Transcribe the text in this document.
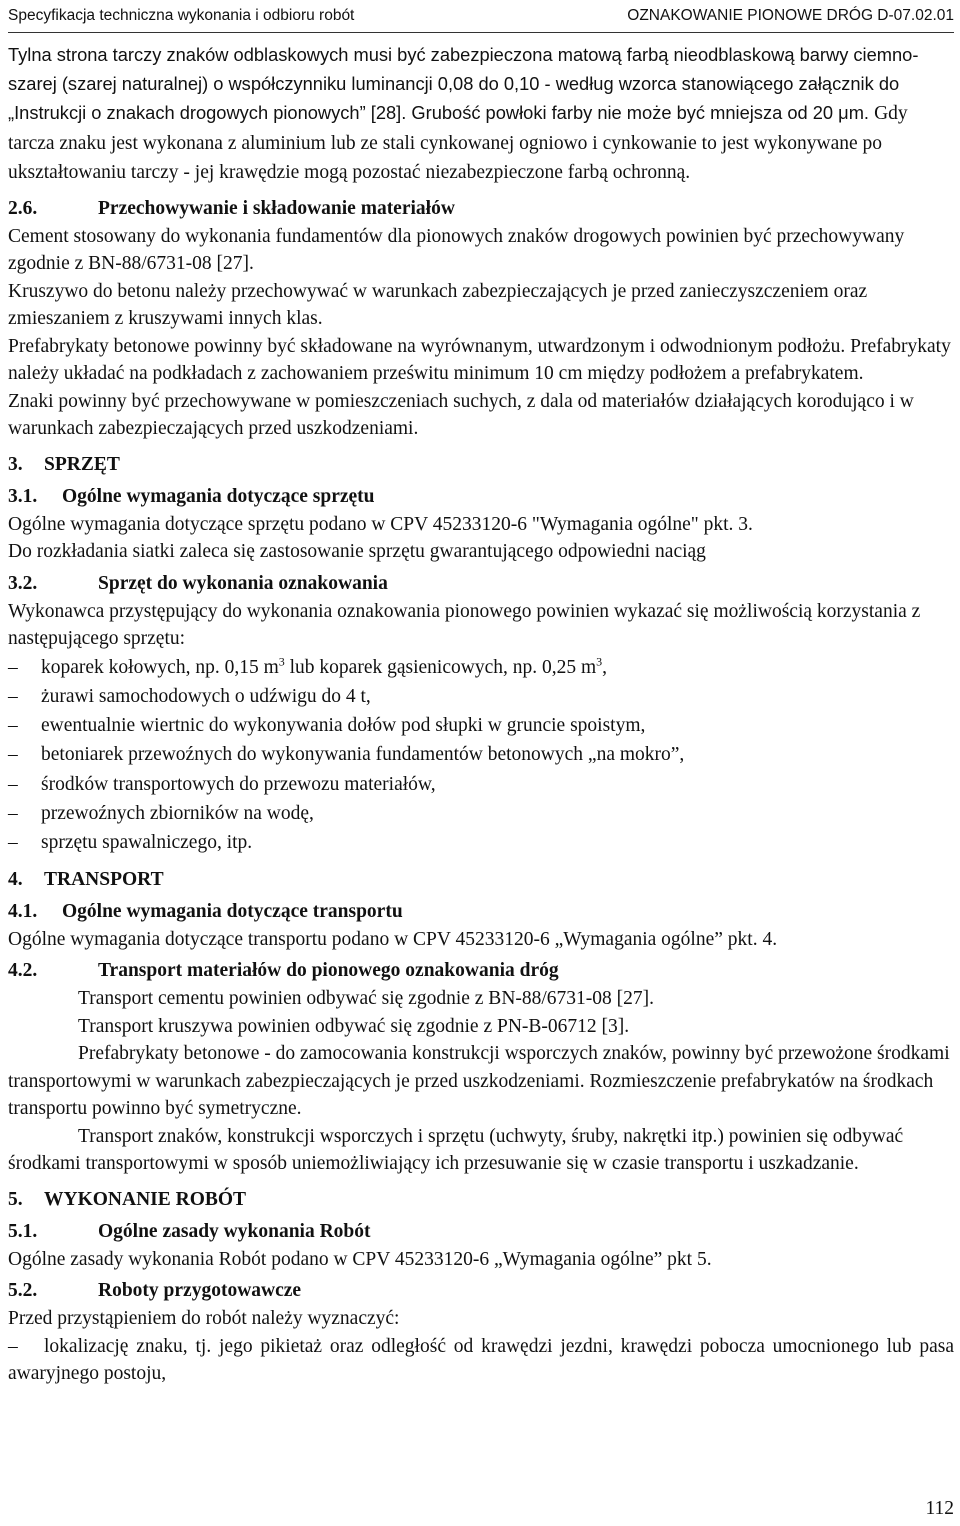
Specyfikacja techniczna wykonania i odbioru robót	OZNAKOWANIE PIONOWE DRÓG D-07.02.01

Tylna strona tarczy znaków odblaskowych musi być zabezpieczona matową farbą nieodblaskową barwy ciemno-szarej (szarej naturalnej) o współczynniku luminancji 0,08 do 0,10 - według wzorca stanowiącego załącznik do „Instrukcji o znakach drogowych pionowych” [28]. Grubość powłoki farby nie może być mniejsza od 20 μm. Gdy tarcza znaku jest wykonana z aluminium lub ze stali cynkowanej ogniowo i cynkowanie to jest wykonywane po ukształtowaniu tarczy - jej krawędzie mogą pozostać niezabezpieczone farbą ochronną.

2.6.	Przechowywanie i składowanie materiałów

Cement stosowany do wykonania fundamentów dla pionowych znaków drogowych powinien być przechowywany zgodnie z BN-88/6731-08 [27].

Kruszywo do betonu należy przechowywać w warunkach zabezpieczających je przed zanieczyszczeniem oraz zmieszaniem z kruszywami innych klas.

Prefabrykaty betonowe powinny być składowane na wyrównanym, utwardzonym i odwodnionym podłożu. Prefabrykaty należy układać na podkładach z zachowaniem prześwitu minimum 10 cm między podłożem a prefabrykatem.

Znaki powinny być przechowywane w pomieszczeniach suchych, z dala od materiałów działających korodująco i w warunkach zabezpieczających przed uszkodzeniami.

3. SPRZĘT

3.1. Ogólne wymagania dotyczące sprzętu

Ogólne wymagania dotyczące sprzętu podano w CPV 45233120-6 "Wymagania ogólne" pkt. 3.

Do rozkładania siatki zaleca się zastosowanie sprzętu gwarantującego odpowiedni naciąg

3.2.	Sprzęt do wykonania oznakowania

Wykonawca przystępujący do wykonania oznakowania pionowego powinien wykazać się możliwością korzystania z następującego sprzętu:

– koparek kołowych, np. 0,15 $m^3$ lub koparek gąsienicowych, np. 0,25 $m^3$,
– żurawi samochodowych o udźwigu do 4 t,
– ewentualnie wiertnic do wykonywania dołów pod słupki w gruncie spoistym,
– betoniarek przewoźnych do wykonywania fundamentów betonowych „na mokro”,
– środków transportowych do przewozu materiałów,
– przewoźnych zbiorników na wodę,
– sprzętu spawalniczego, itp.

4. TRANSPORT

4.1. Ogólne wymagania dotyczące transportu

Ogólne wymagania dotyczące transportu podano w CPV 45233120-6 „Wymagania ogólne” pkt. 4.

4.2.	Transport materiałów do pionowego oznakowania dróg

Transport cementu powinien odbywać się zgodnie z BN-88/6731-08 [27].

Transport kruszywa powinien odbywać się zgodnie z PN-B-06712 [3].

Prefabrykaty betonowe - do zamocowania konstrukcji wsporczych znaków, powinny być przewożone środkami transportowymi w warunkach zabezpieczających je przed uszkodzeniami. Rozmieszczenie prefabrykatów na środkach transportu powinno być symetryczne.

Transport znaków, konstrukcji wsporczych i sprzętu (uchwyty, śruby, nakrętki itp.) powinien się odbywać środkami transportowymi w sposób uniemożliwiający ich przesuwanie się w czasie transportu i uszkadzanie.

5. WYKONANIE ROBÓT

5.1.	Ogólne zasady wykonania Robót

Ogólne zasady wykonania Robót podano w CPV 45233120-6 „Wymagania ogólne” pkt 5.

5.2.	Roboty przygotowawcze

Przed przystąpieniem do robót należy wyznaczyć:

– lokalizację znaku, tj. jego pikietaż oraz odległość od krawędzi jezdni, krawędzi pobocza umocnionego lub pasa awaryjnego postoju,

112
